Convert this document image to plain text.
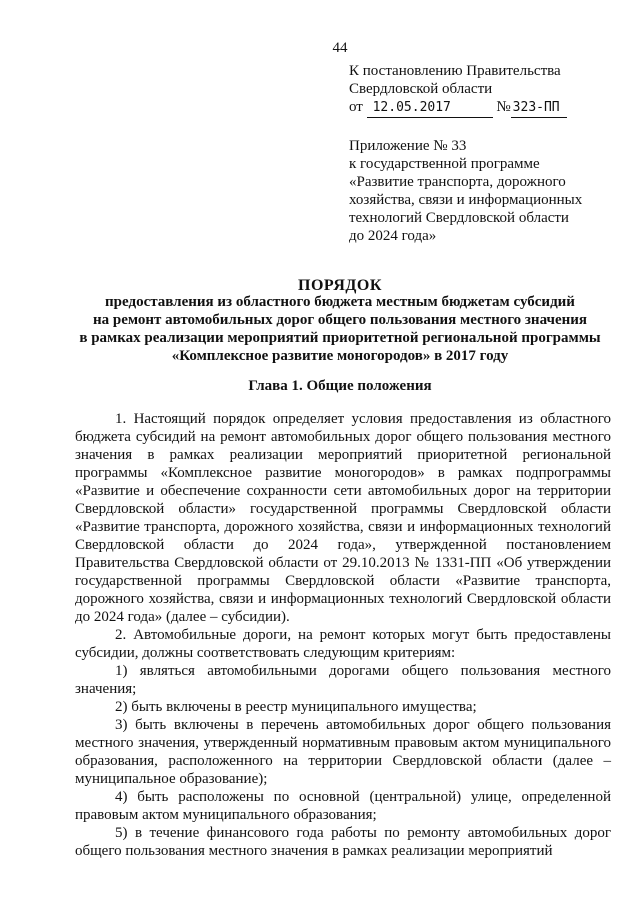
44
К постановлению Правительства
Свердловской области
от 12.05.2017	№ 323-ПП
Приложение № 33
к государственной программе
«Развитие транспорта, дорожного
хозяйства, связи и информационных
технологий Свердловской области
до 2024 года»
ПОРЯДОК
предоставления из областного бюджета местным бюджетам субсидий
на ремонт автомобильных дорог общего пользования местного значения
в рамках реализации мероприятий приоритетной региональной программы
«Комплексное развитие моногородов» в 2017 году
Глава 1. Общие положения

1. Настоящий порядок определяет условия предоставления из областного бюджета субсидий на ремонт автомобильных дорог общего пользования местного значения в рамках реализации мероприятий приоритетной региональной программы «Комплексное развитие моногородов» в рамках подпрограммы «Развитие и обеспечение сохранности сети автомобильных дорог на территории Свердловской области» государственной программы Свердловской области «Развитие транспорта, дорожного хозяйства, связи и информационных технологий Свердловской области до 2024 года», утвержденной постановлением Правительства Свердловской области от 29.10.2013 № 1331-ПП «Об утверждении государственной программы Свердловской области «Развитие транспорта, дорожного хозяйства, связи и информационных технологий Свердловской области до 2024 года» (далее – субсидии).

2. Автомобильные дороги, на ремонт которых могут быть предоставлены субсидии, должны соответствовать следующим критериям:

1) являться автомобильными дорогами общего пользования местного значения;

2) быть включены в реестр муниципального имущества;

3) быть включены в перечень автомобильных дорог общего пользования местного значения, утвержденный нормативным правовым актом муниципального образования, расположенного на территории Свердловской области (далее – муниципальное образование);

4) быть расположены по основной (центральной) улице, определенной правовым актом муниципального образования;

5) в течение финансового года работы по ремонту автомобильных дорог общего пользования местного значения в рамках реализации мероприятий
